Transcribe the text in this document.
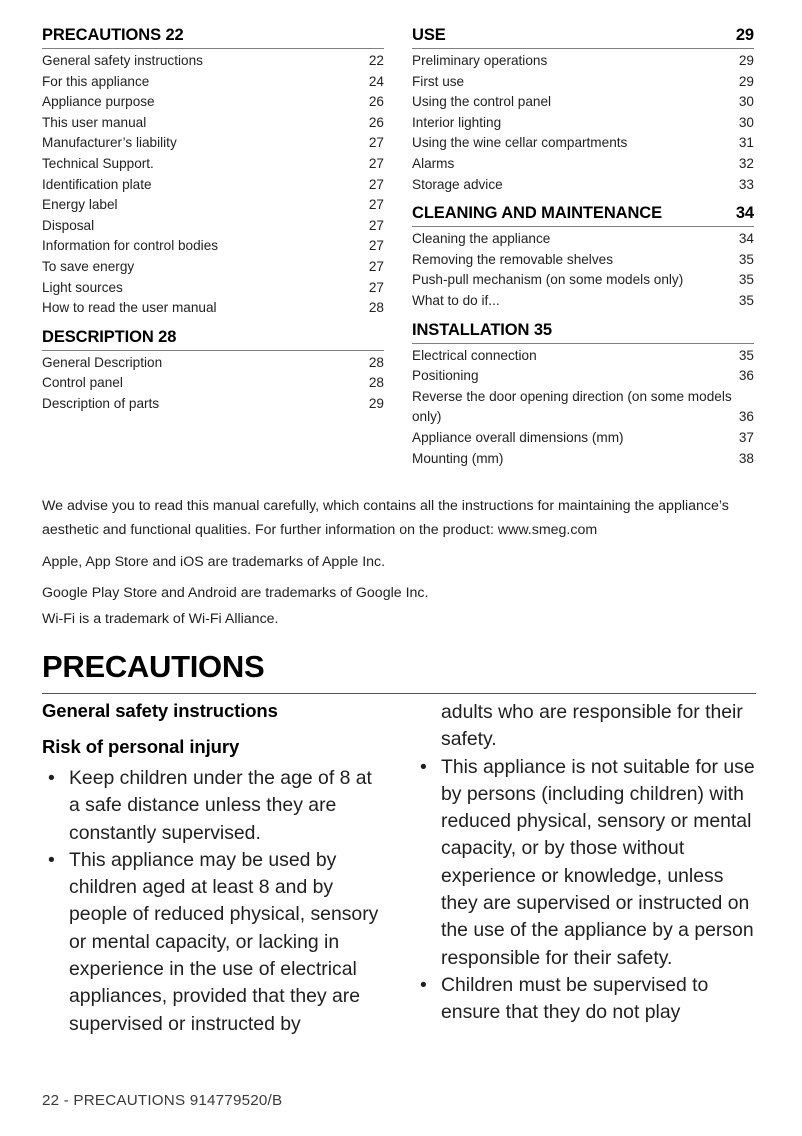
PRECAUTIONS 22
General safety instructions	22
For this appliance	24
Appliance purpose	26
This user manual	26
Manufacturer’s liability	27
Technical Support.	27
Identification plate	27
Energy label	27
Disposal	27
Information for control bodies	27
To save energy	27
Light sources	27
How to read the user manual	28
DESCRIPTION 28
General Description	28
Control panel	28
Description of parts	29
USE	29
Preliminary operations	29
First use	29
Using the control panel	30
Interior lighting	30
Using the wine cellar compartments	31
Alarms	32
Storage advice	33
CLEANING AND MAINTENANCE	34
Cleaning the appliance	34
Removing the removable shelves	35
Push-pull mechanism (on some models only)	35
What to do if...	35
INSTALLATION 35
Electrical connection	35
Positioning	36
Reverse the door opening direction (on some models only)	36
Appliance overall dimensions (mm)	37
Mounting (mm)	38

We advise you to read this manual carefully, which contains all the instructions for maintaining the appliance’s aesthetic and functional qualities. For further information on the product: www.smeg.com

Apple, App Store and iOS are trademarks of Apple Inc.

Google Play Store and Android are trademarks of Google Inc.

Wi-Fi is a trademark of Wi-Fi Alliance.

PRECAUTIONS
General safety instructions
Risk of personal injury
• Keep children under the age of 8 at a safe distance unless they are constantly supervised.
• This appliance may be used by children aged at least 8 and by people of reduced physical, sensory or mental capacity, or lacking in experience in the use of electrical appliances, provided that they are supervised or instructed by

adults who are responsible for their safety.

• This appliance is not suitable for use by persons (including children) with reduced physical, sensory or mental capacity, or by those without experience or knowledge, unless they are supervised or instructed on the use of the appliance by a person responsible for their safety.
• Children must be supervised to ensure that they do not play
22 - PRECAUTIONS 914779520/B
